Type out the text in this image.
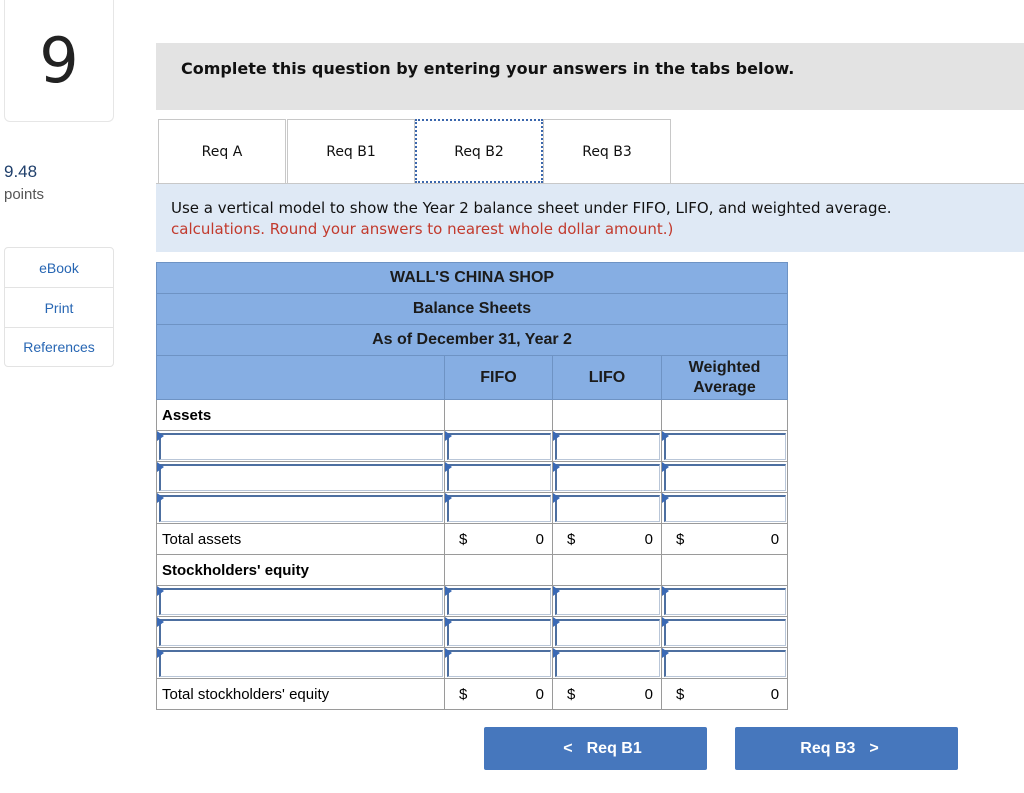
9
9.48
points
eBook
Print
References
Complete this question by entering your answers in the tabs below.
Req A	Req B1	Req B2	Req B3
Use a vertical model to show the Year 2 balance sheet under FIFO, LIFO, and weighted average.
calculations. Round your answers to nearest whole dollar amount.)
WALL'S CHINA SHOP			
Balance Sheets			
As of December 31, Year 2			
	FIFO	LIFO	Weighted
Average
Assets			

Total assets	$ 0	$ 0	$ 0

Stockholders' equity			

Total stockholders' equity	$ 0	$ 0	$ 0
< Req B1	Req B3 >
